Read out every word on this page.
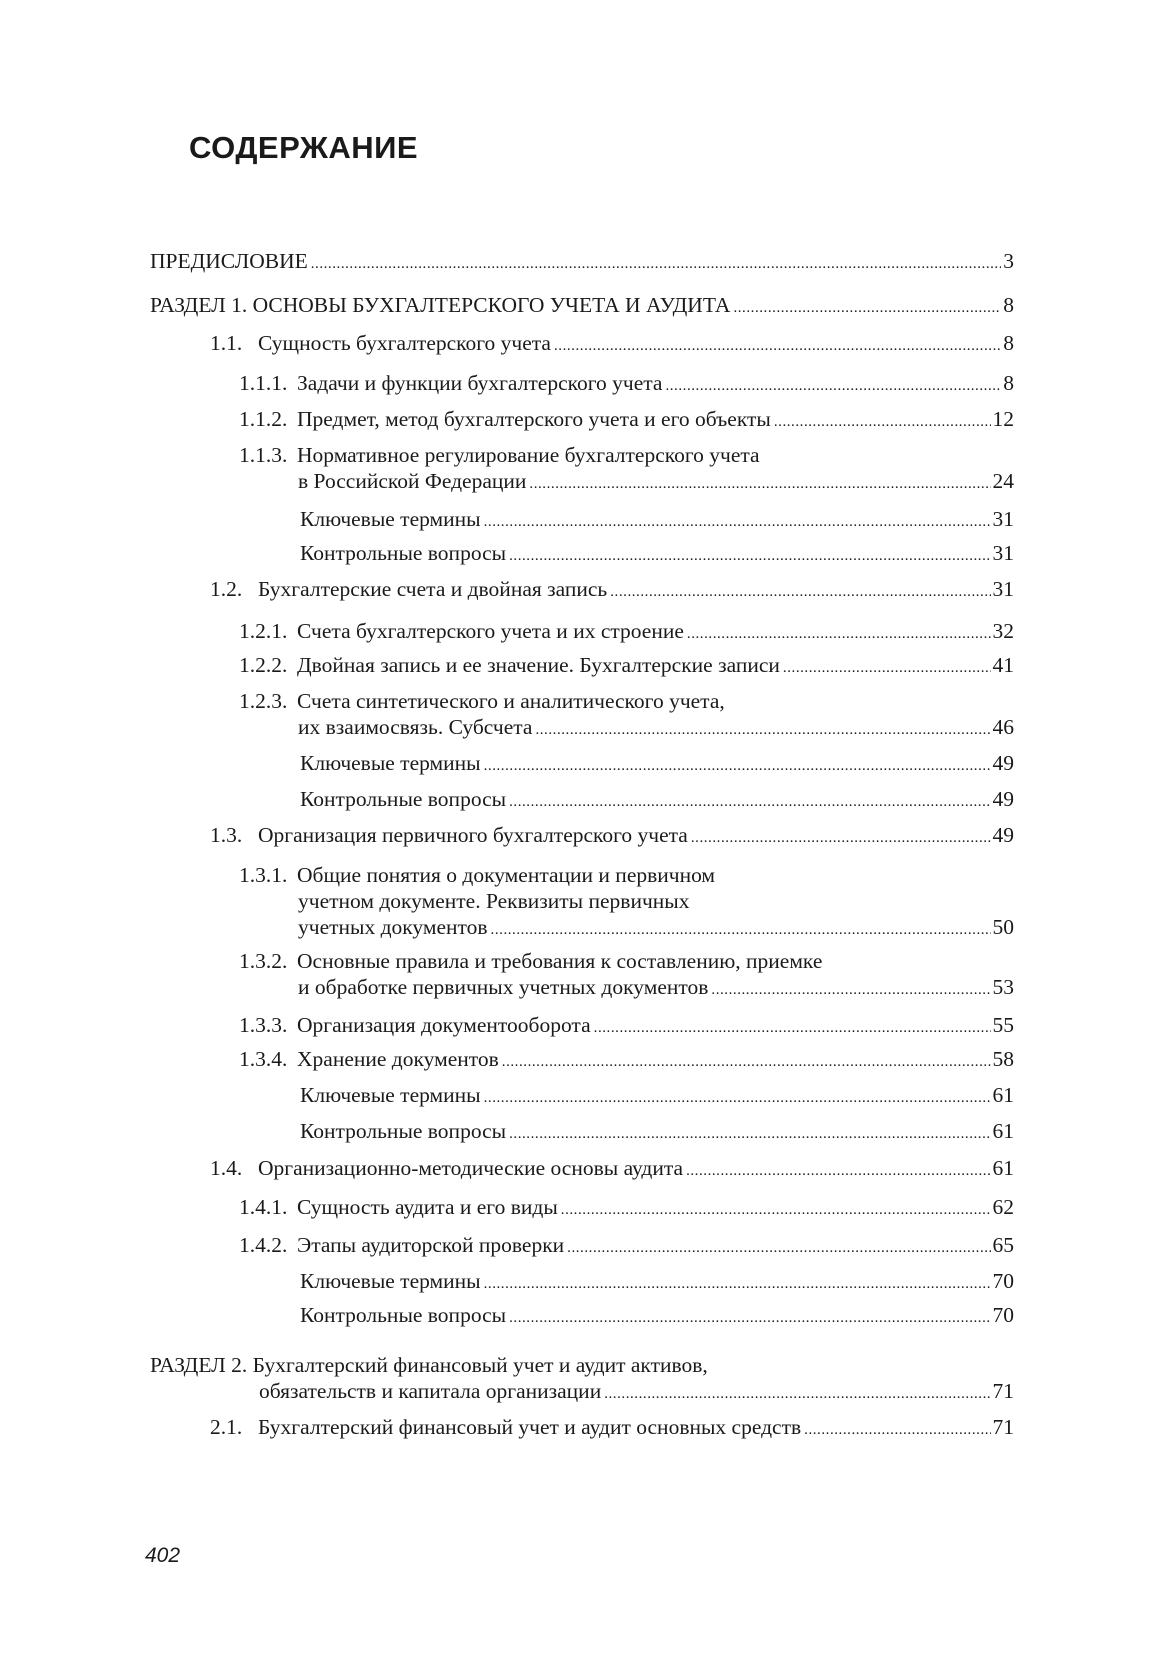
СОДЕРЖАНИЕ
ПРЕДИСЛОВИЕ . . .	3
РАЗДЕЛ 1. ОСНОВЫ БУХГАЛТЕРСКОГО УЧЕТА И АУДИТА . . .	8
1.1. Сущность бухгалтерского учета . . .	8
1.1.1. Задачи и функции бухгалтерского учета . . .	8
1.1.2. Предмет, метод бухгалтерского учета и его объекты . . .	12
1.1.3. Нормативное регулирование бухгалтерского учета
в Российской Федерации . . .	24
Ключевые термины . . .	31
Контрольные вопросы . . .	31
1.2. Бухгалтерские счета и двойная запись . . .	31
1.2.1. Счета бухгалтерского учета и их строение . . .	32
1.2.2. Двойная запись и ее значение. Бухгалтерские записи . . .	41
1.2.3. Счета синтетического и аналитического учета,
их взаимосвязь. Субсчета . . .	46
Ключевые термины . . .	49
Контрольные вопросы . . .	49
1.3. Организация первичного бухгалтерского учета . . .	49
1.3.1. Общие понятия о документации и первичном
учетном документе. Реквизиты первичных
учетных документов . . .	50
1.3.2. Основные правила и требования к составлению, приемке
и обработке первичных учетных документов . . .	53
1.3.3. Организация документооборота . . .	55
1.3.4. Хранение документов . . .	58
Ключевые термины . . .	61
Контрольные вопросы . . .	61
1.4. Организационно-методические основы аудита . . .	61
1.4.1. Сущность аудита и его виды . . .	62
1.4.2. Этапы аудиторской проверки . . .	65
Ключевые термины . . .	70
Контрольные вопросы . . .	70
РАЗДЕЛ 2. Бухгалтерский финансовый учет и аудит активов,
обязательств и капитала организации . . .	71
2.1. Бухгалтерский финансовый учет и аудит основных средств . . .	71
402
